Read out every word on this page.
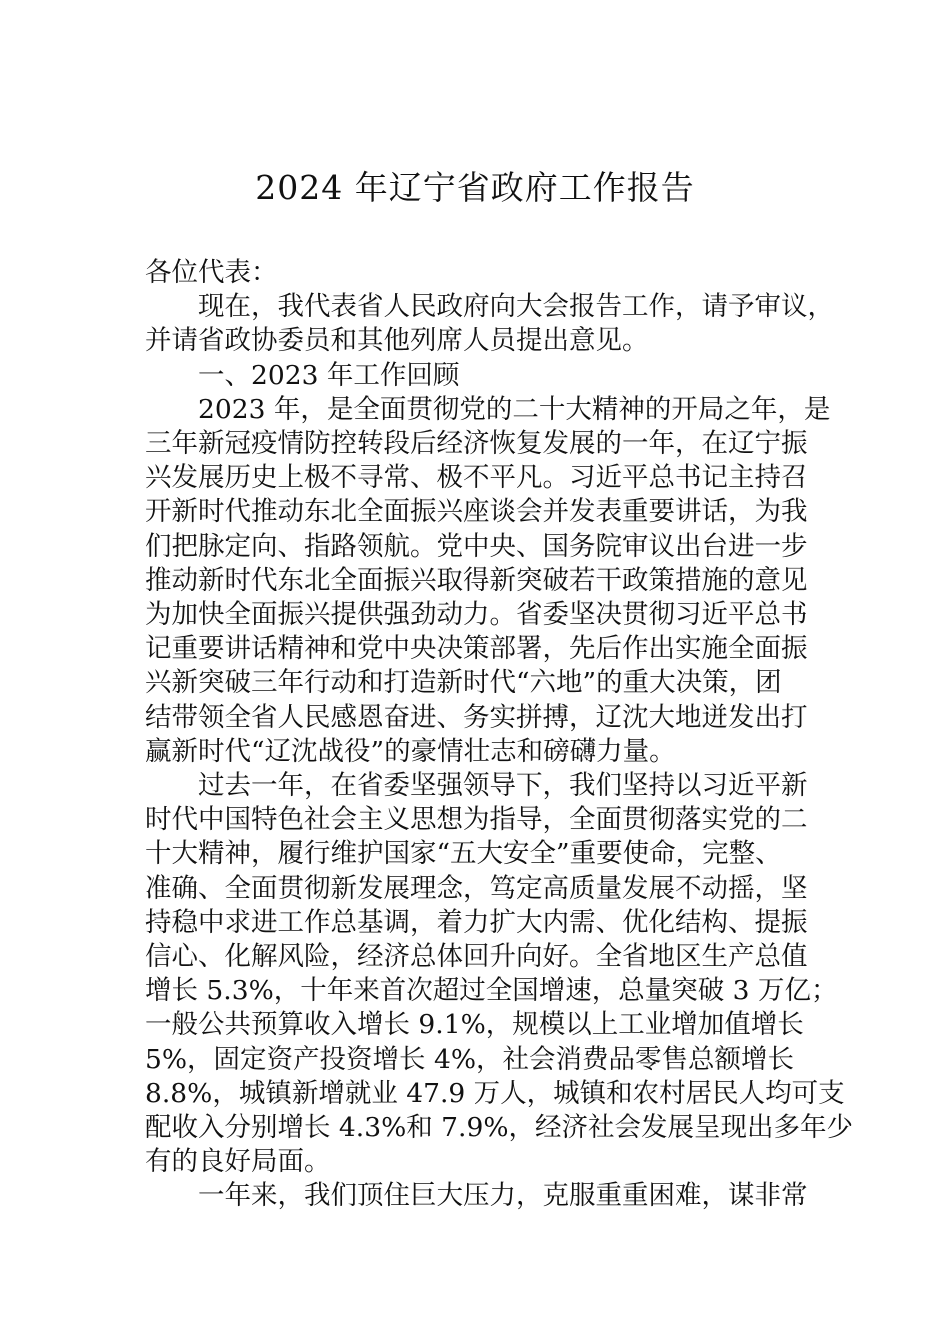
2024 年辽宁省政府工作报告
各位代表：
现在，我代表省人民政府向大会报告工作，请予审议，
并请省政协委员和其他列席人员提出意见。
一、2023 年工作回顾
2023 年，是全面贯彻党的二十大精神的开局之年，是
三年新冠疫情防控转段后经济恢复发展的一年，在辽宁振
兴发展历史上极不寻常、极不平凡。习近平总书记主持召
开新时代推动东北全面振兴座谈会并发表重要讲话，为我
们把脉定向、指路领航。党中央、国务院审议出台进一步
推动新时代东北全面振兴取得新突破若干政策措施的意见
为加快全面振兴提供强劲动力。省委坚决贯彻习近平总书
记重要讲话精神和党中央决策部署，先后作出实施全面振
兴新突破三年行动和打造新时代“六地”的重大决策，团
结带领全省人民感恩奋进、务实拼搏，辽沈大地迸发出打
赢新时代“辽沈战役”的豪情壮志和磅礴力量。
过去一年，在省委坚强领导下，我们坚持以习近平新
时代中国特色社会主义思想为指导，全面贯彻落实党的二
十大精神，履行维护国家“五大安全”重要使命，完整、
准确、全面贯彻新发展理念，笃定高质量发展不动摇，坚
持稳中求进工作总基调，着力扩大内需、优化结构、提振
信心、化解风险，经济总体回升向好。全省地区生产总值
增长 5.3%，十年来首次超过全国增速，总量突破 3 万亿；
一般公共预算收入增长 9.1%，规模以上工业增加值增长
5%，固定资产投资增长 4%，社会消费品零售总额增长
8.8%，城镇新增就业 47.9 万人，城镇和农村居民人均可支
配收入分别增长 4.3%和 7.9%，经济社会发展呈现出多年少
有的良好局面。
一年来，我们顶住巨大压力，克服重重困难，谋非常
